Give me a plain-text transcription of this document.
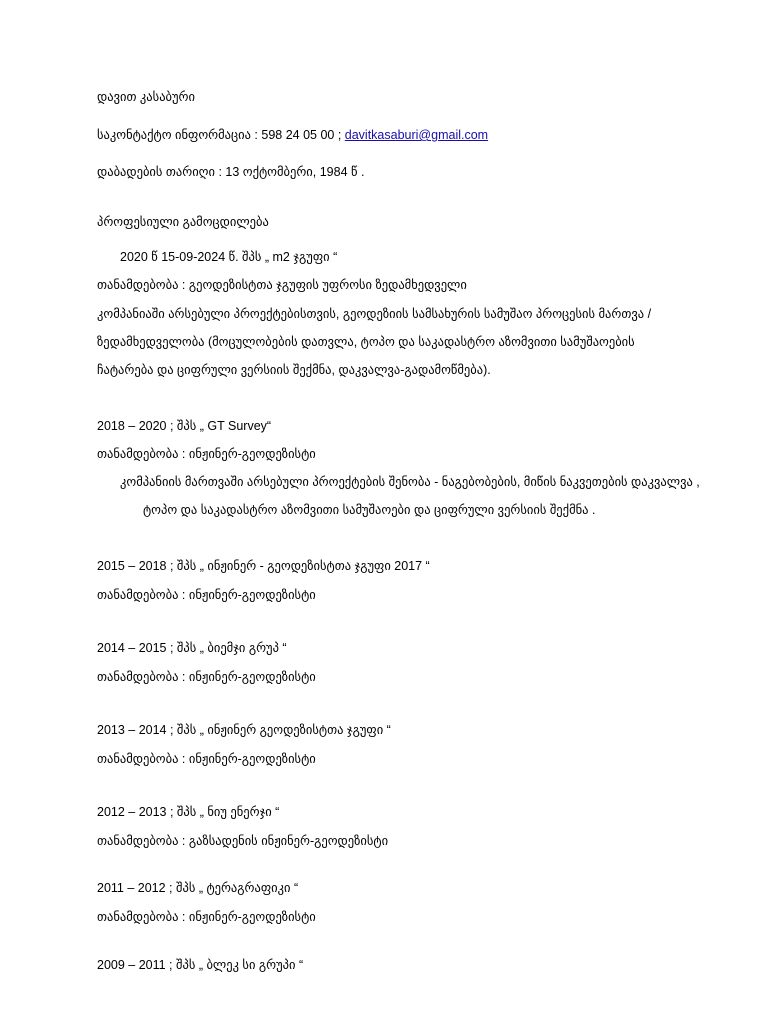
დავით კასაბური
საკონტაქტო ინფორმაცია : 598 24 05 00 ; davitkasaburi@gmail.com
დაბადების თარიღი : 13 ოქტომბერი, 1984 წ .
პროფესიული გამოცდილება
2020 წ 15-09-2024 წ. შპს „ m2 ჯგუფი “
თანამდებობა : გეოდეზისტთა ჯგუფის უფროსი ზედამხედველი
კომპანიაში არსებული პროექტებისთვის, გეოდეზიის სამსახურის სამუშაო პროცესის მართვა /
ზედამხედველობა (მოცულობების დათვლა, ტოპო და საკადასტრო აზომვითი სამუშაოების
ჩატარება და ციფრული ვერსიის შექმნა, დაკვალვა-გადამოწმება).
2018 – 2020 ; შპს „ GT Survey“
თანამდებობა : ინჟინერ-გეოდეზისტი
კომპანიის მართვაში არსებული პროექტების შენობა - ნაგებობების, მიწის ნაკვეთების დაკვალვა ,
ტოპო და საკადასტრო აზომვითი სამუშაოები და ციფრული ვერსიის შექმნა .
2015 – 2018 ; შპს „ ინჟინერ - გეოდეზისტთა ჯგუფი 2017 “
თანამდებობა : ინჟინერ-გეოდეზისტი
2014 – 2015 ; შპს „ ბიემჯი გრუპ “
თანამდებობა : ინჟინერ-გეოდეზისტი
2013 – 2014 ; შპს „ ინჟინერ გეოდეზისტთა ჯგუფი “
თანამდებობა : ინჟინერ-გეოდეზისტი
2012 – 2013 ; შპს „ ნიუ ენერჯი “
თანამდებობა : გაზსადენის ინჟინერ-გეოდეზისტი
2011 – 2012 ; შპს „ ტერაგრაფიკი “
თანამდებობა : ინჟინერ-გეოდეზისტი
2009 – 2011 ; შპს „ ბლეკ სი გრუპი “
